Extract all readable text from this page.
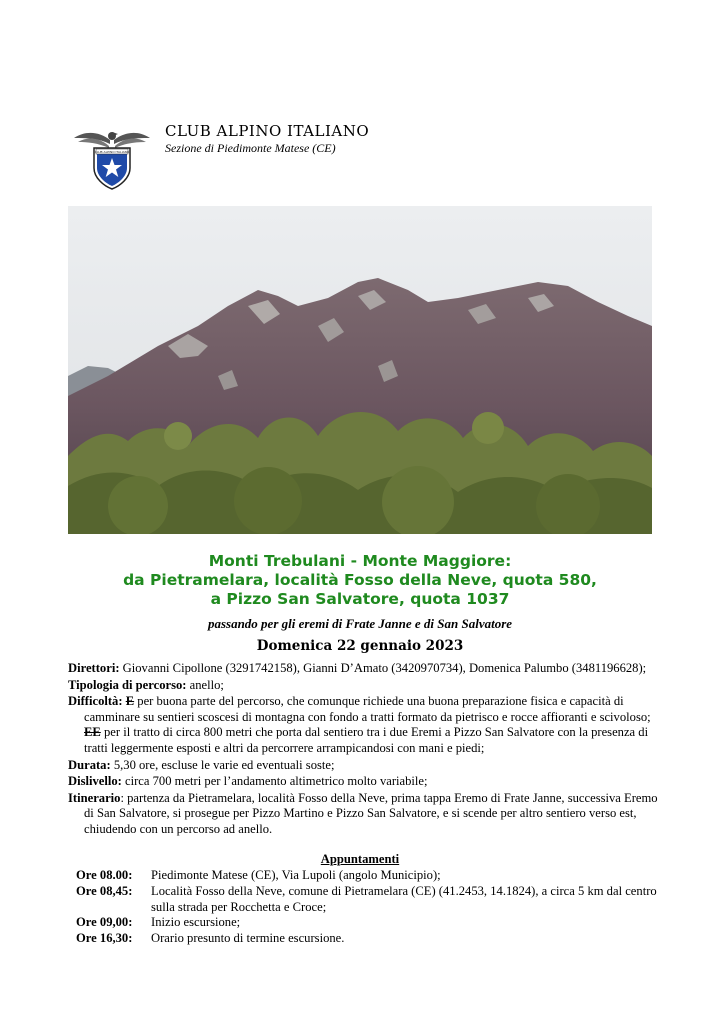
CLUB ALPINO ITALIANO
CLUB ALPINO ITALIANO
Sezione di Piedimonte Matese (CE)
Monti Trebulani - Monte Maggiore:
da Pietramelara, località Fosso della Neve, quota 580,
a Pizzo San Salvatore, quota 1037
passando per gli eremi di Frate Janne e di San Salvatore
Domenica 22 gennaio 2023
Direttori: Giovanni Cipollone (3291742158), Gianni D’Amato (3420970734), Domenica Palumbo (3481196628);
Tipologia di percorso: anello;
Difficoltà: E per buona parte del percorso, che comunque richiede una buona preparazione fisica e capacità di camminare su sentieri scoscesi di montagna con fondo a tratti formato da pietrisco e rocce affioranti e scivoloso; EE per il tratto di circa 800 metri che porta dal sentiero tra i due Eremi a Pizzo San Salvatore con la presenza di tratti leggermente esposti e altri da percorrere arrampicandosi con mani e piedi;
Durata: 5,30 ore, escluse le varie ed eventuali soste;
Dislivello: circa 700 metri per l’andamento altimetrico molto variabile;
Itinerario: partenza da Pietramelara, località Fosso della Neve, prima tappa Eremo di Frate Janne, successiva Eremo di San Salvatore, si prosegue per Pizzo Martino e Pizzo San Salvatore, e si scende per altro sentiero verso est, chiudendo con un percorso ad anello.
Appuntamenti
Ore 08.00:	Piedimonte Matese (CE), Via Lupoli (angolo Municipio);
Ore 08,45:	Località Fosso della Neve, comune di Pietramelara (CE) (41.2453, 14.1824), a circa 5 km dal centro sulla strada per Rocchetta e Croce;
Ore 09,00:	Inizio escursione;
Ore 16,30:	Orario presunto di termine escursione.
